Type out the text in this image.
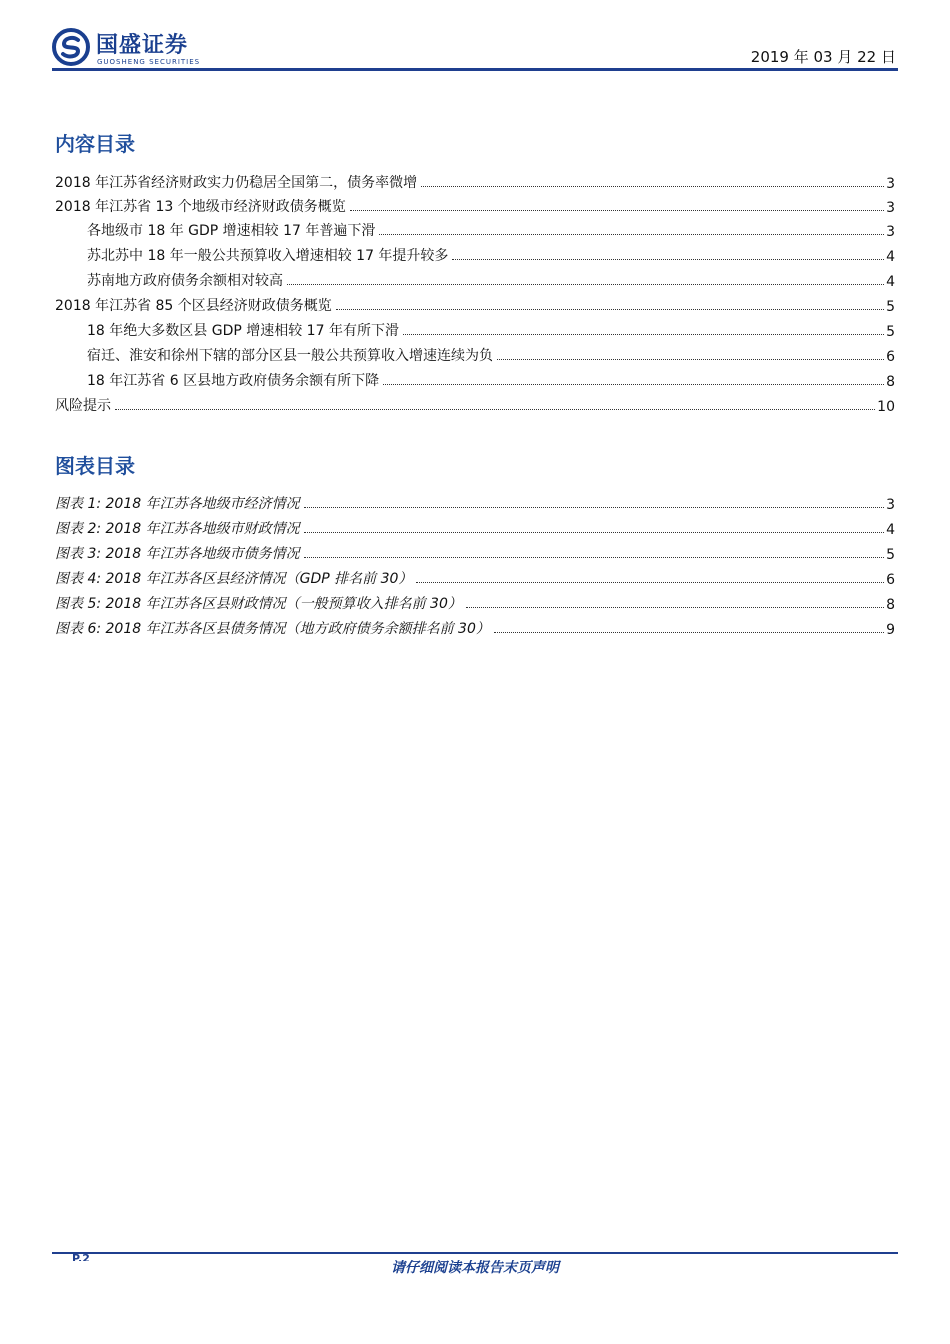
国盛证券
GUOSHENG SECURITIES	2019 年 03 月 22 日
内容目录
2018 年江苏省经济财政实力仍稳居全国第二，债务率微增	3
2018 年江苏省 13 个地级市经济财政债务概览	3
各地级市 18 年 GDP 增速相较 17 年普遍下滑	3
苏北苏中 18 年一般公共预算收入增速相较 17 年提升较多	4
苏南地方政府债务余额相对较高	4
2018 年江苏省 85 个区县经济财政债务概览	5
18 年绝大多数区县 GDP 增速相较 17 年有所下滑	5
宿迁、淮安和徐州下辖的部分区县一般公共预算收入增速连续为负	6
18 年江苏省 6 区县地方政府债务余额有所下降	8
风险提示	10
图表目录
图表 1: 2018 年江苏各地级市经济情况	3
图表 2: 2018 年江苏各地级市财政情况	4
图表 3: 2018 年江苏各地级市债务情况	5
图表 4: 2018 年江苏各区县经济情况（GDP 排名前 30）	6
图表 5: 2018 年江苏各区县财政情况（一般预算收入排名前 30）	8
图表 6: 2018 年江苏各区县债务情况（地方政府债务余额排名前 30）	9
P.2
请仔细阅读本报告末页声明
